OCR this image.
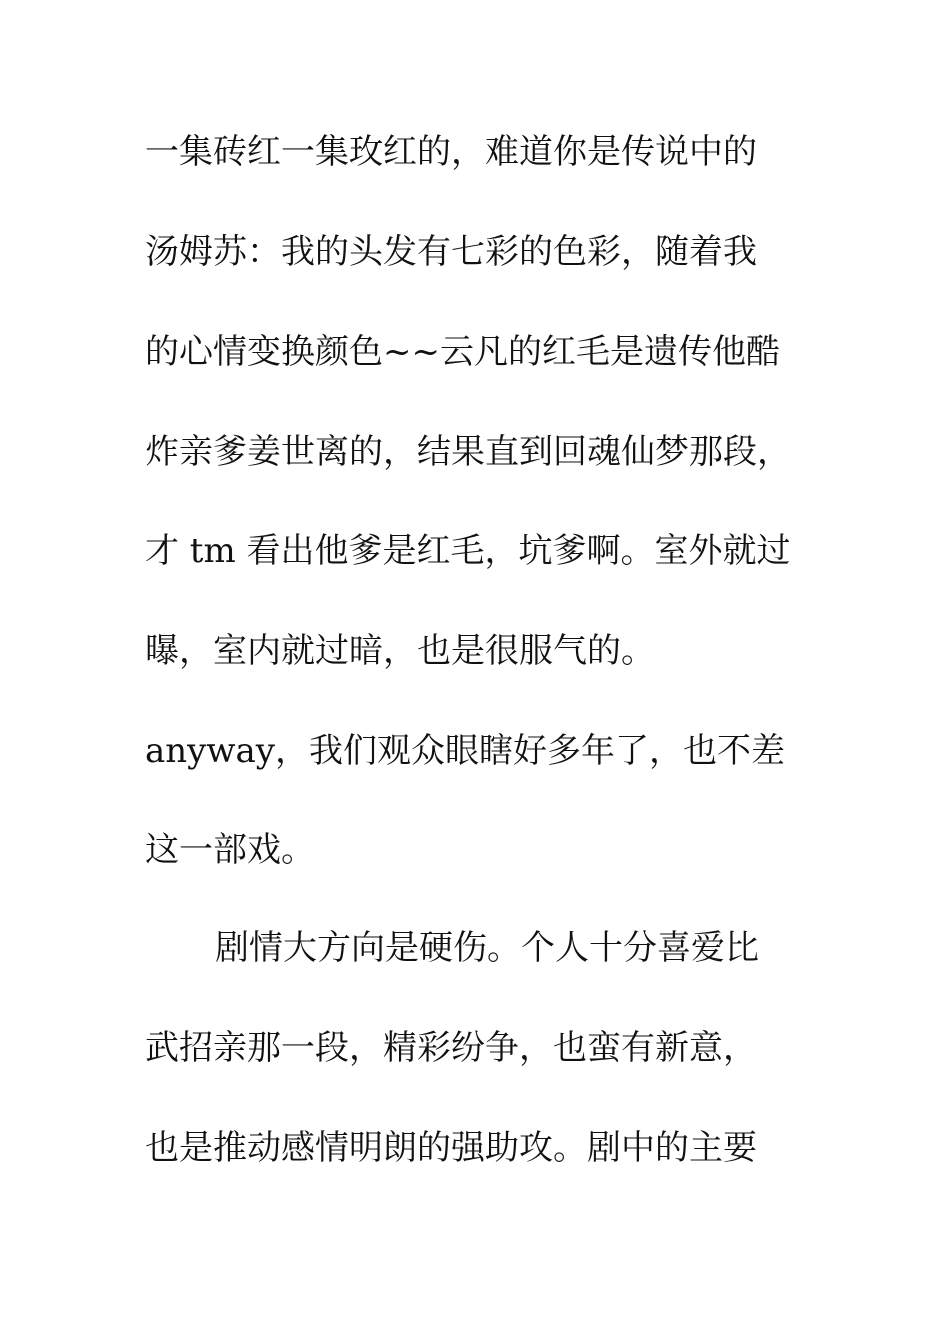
一集砖红一集玫红的，难道你是传说中的
汤姆苏：我的头发有七彩的色彩，随着我
的心情变换颜色~~云凡的红毛是遗传他酷
炸亲爹姜世离的，结果直到回魂仙梦那段，
才 tm 看出他爹是红毛，坑爹啊。室外就过
曝，室内就过暗，也是很服气的。
anyway，我们观众眼瞎好多年了，也不差
这一部戏。
剧情大方向是硬伤。个人十分喜爱比
武招亲那一段，精彩纷争，也蛮有新意，
也是推动感情明朗的强助攻。剧中的主要
